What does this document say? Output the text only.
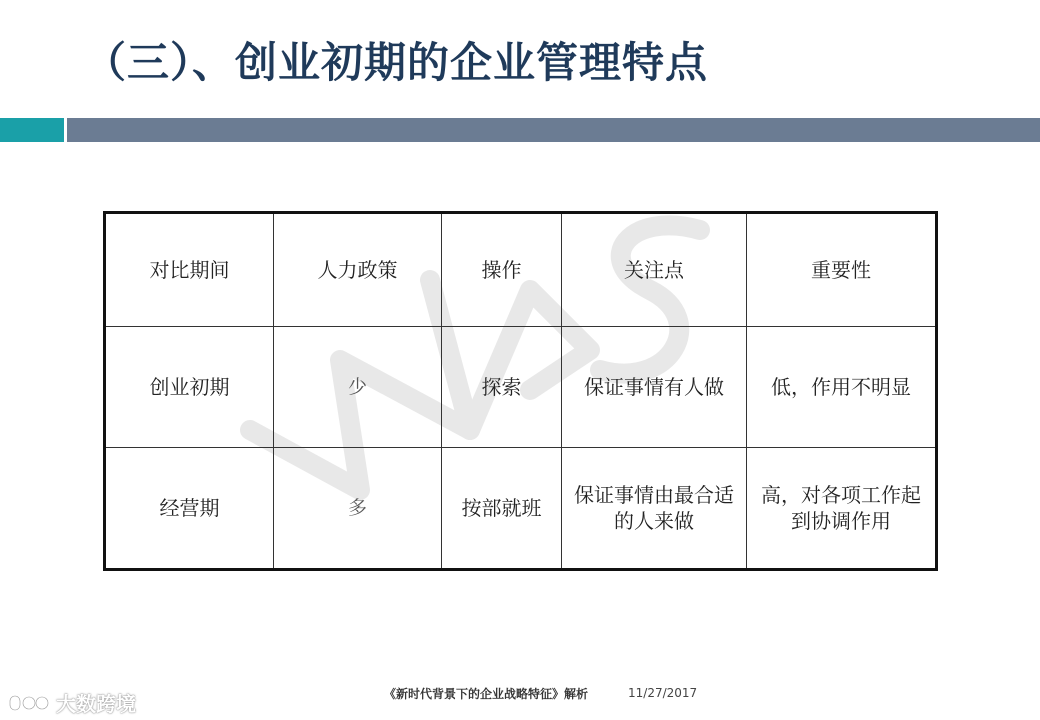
（三）、创业初期的企业管理特点
对比期间	人力政策	操作	关注点	重要性
创业初期	少	探索	保证事情有人做	低，作用不明显
经营期	多	按部就班	保证事情由最合适的人来做	高，对各项工作起到协调作用
《新时代背景下的企业战略特征》解析	11/27/2017
大数跨境
